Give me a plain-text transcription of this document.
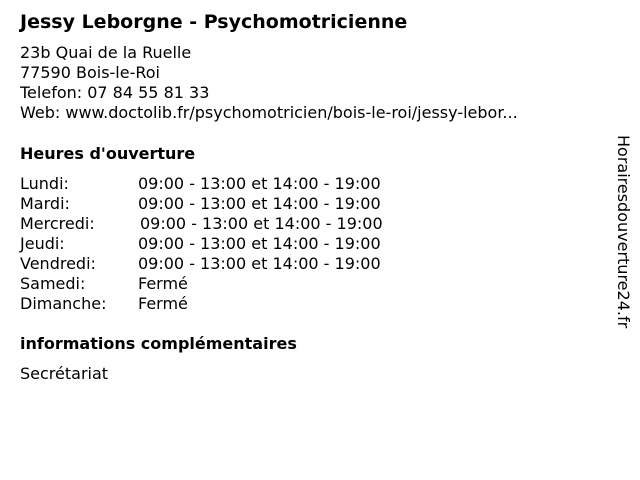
Jessy Leborgne - Psychomotricienne
23b Quai de la Ruelle
77590 Bois-le-Roi
Telefon: 07 84 55 81 33
Web: www.doctolib.fr/psychomotricien/bois-le-roi/jessy-lebor...
Heures d'ouverture
Lundi:	09:00 - 13:00 et 14:00 - 19:00
Mardi:	09:00 - 13:00 et 14:00 - 19:00
Mercredi:	09:00 - 13:00 et 14:00 - 19:00
Jeudi:	09:00 - 13:00 et 14:00 - 19:00
Vendredi:	09:00 - 13:00 et 14:00 - 19:00
Samedi:	Fermé
Dimanche: Fermé
informations complémentaires
Secrétariat
Horairesdouverture24.fr
